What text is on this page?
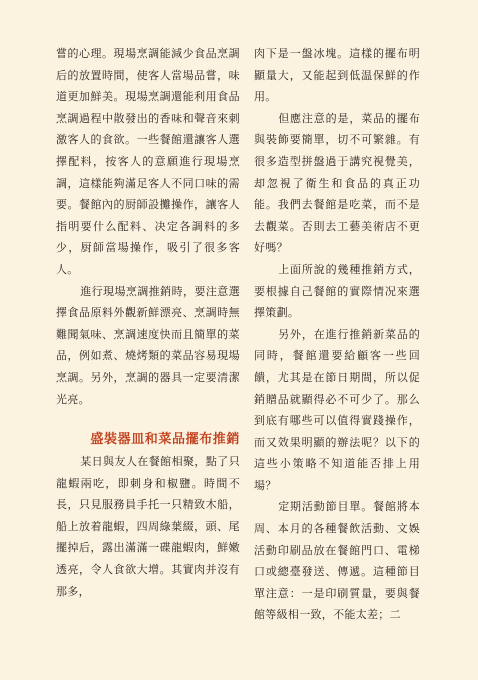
嘗的心理。現場烹調能減少食品烹調后的放置時間，使客人當場品嘗，味道更加鮮美。現場烹調還能利用食品烹調過程中散發出的香味和聲音來刺激客人的食欲。一些餐館還讓客人選擇配料，按客人的意願進行現場烹調，這樣能夠滿足客人不同口味的需要。餐館內的厨師設攤操作，讓客人指明要什么配料、决定各調料的多少，厨師當場操作，吸引了很多客人。

進行現場烹調推銷時，要注意選擇食品原料外觀新鮮漂亮、烹調時無難聞氣味、烹調速度快而且簡單的菜品，例如煮、燒烤類的菜品容易現場烹調。另外，烹調的器具一定要清潔光亮。

盛裝器皿和菜品擺布推銷

某日與友人在餐館相聚，點了只龍蝦兩吃，即刺身和椒鹽。時間不長，只見服務員手托一只精致木船，船上放着龍蝦，四周綠葉綴，頭、尾擺掉后，露出滿滿一碟龍蝦肉，鮮嫩透亮，令人食欲大增。其實肉并沒有那多，

肉下是一盤冰塊。這樣的擺布明顯量大，又能起到低温保鮮的作用。

但應注意的是，菜品的擺布與裝飾要簡單，切不可繁雜。有很多造型拼盤過于講究視覺美，却忽視了衛生和食品的真正功能。我們去餐館是吃菜，而不是去觀菜。否則去工藝美術店不更好嗎？

上面所說的幾種推銷方式，要根據自己餐館的實際情况來選擇策劃。

另外，在進行推銷新菜品的同時，餐館還要給顧客一些回饋，尤其是在節日期間，所以促銷贈品就顯得必不可少了。那么到底有哪些可以值得實踐操作，而又效果明顯的辦法呢？以下的這些小策略不知道能否排上用場？

定期活動節目單。餐館將本周、本月的各種餐飲活動、文娛活動印刷品放在餐館門口、電梯口或總臺發送、傳遞。這種節目單注意：一是印刷質量，要與餐館等級相一致，不能太差；二
